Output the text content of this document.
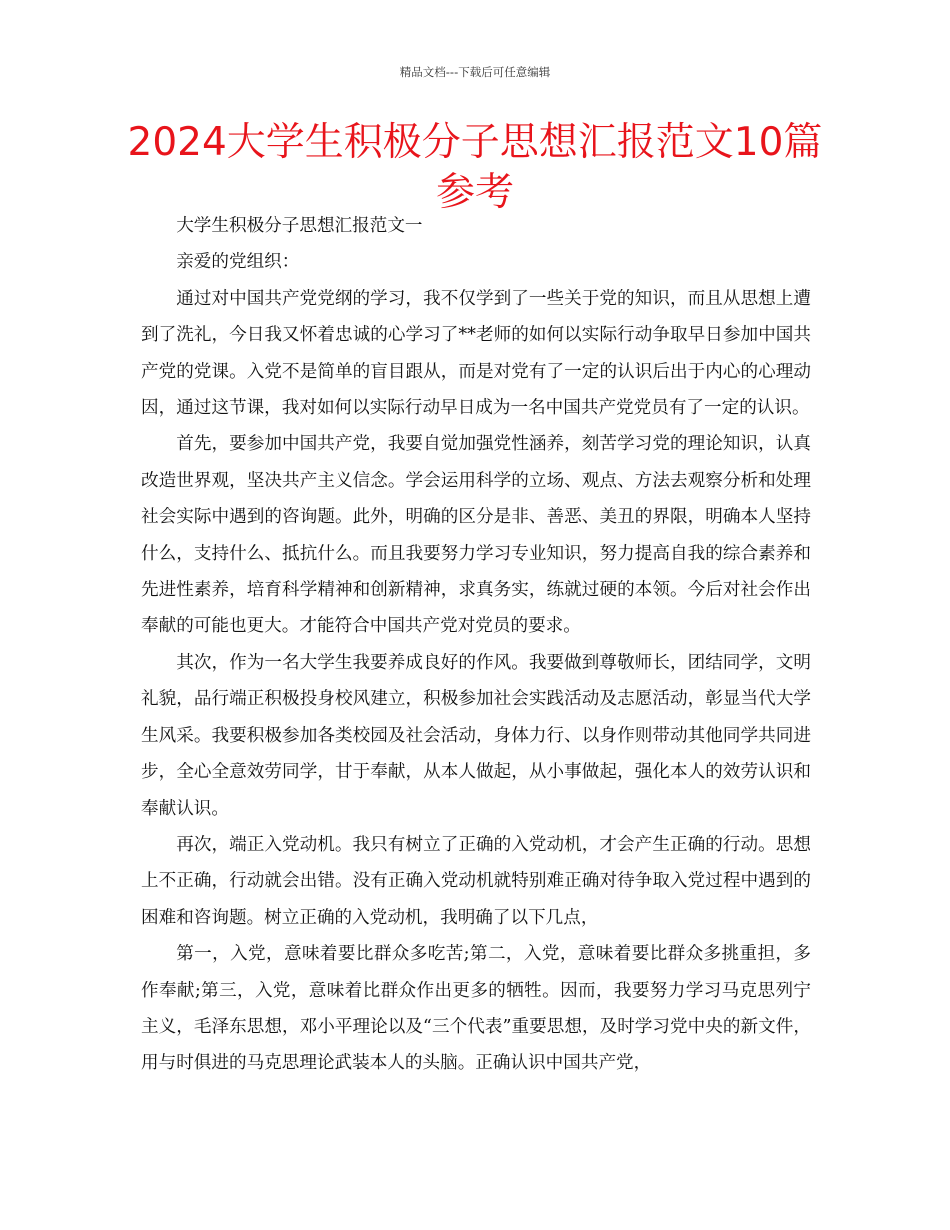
精品文档---下载后可任意编辑
2024大学生积极分子思想汇报范文10篇
参考

大学生积极分子思想汇报范文一

亲爱的党组织：

通过对中国共产党党纲的学习，我不仅学到了一些关于党的知识，而且从思想上遭到了洗礼，今日我又怀着忠诚的心学习了**老师的如何以实际行动争取早日参加中国共产党的党课。入党不是简单的盲目跟从，而是对党有了一定的认识后出于内心的心理动因，通过这节课，我对如何以实际行动早日成为一名中国共产党党员有了一定的认识。

首先，要参加中国共产党，我要自觉加强党性涵养，刻苦学习党的理论知识，认真改造世界观，坚决共产主义信念。学会运用科学的立场、观点、方法去观察分析和处理社会实际中遇到的咨询题。此外，明确的区分是非、善恶、美丑的界限，明确本人坚持什么，支持什么、抵抗什么。而且我要努力学习专业知识，努力提高自我的综合素养和先进性素养，培育科学精神和创新精神，求真务实，练就过硬的本领。今后对社会作出奉献的可能也更大。才能符合中国共产党对党员的要求。

其次，作为一名大学生我要养成良好的作风。我要做到尊敬师长，团结同学，文明礼貌，品行端正积极投身校风建立，积极参加社会实践活动及志愿活动，彰显当代大学生风采。我要积极参加各类校园及社会活动，身体力行、以身作则带动其他同学共同进步，全心全意效劳同学，甘于奉献，从本人做起，从小事做起，强化本人的效劳认识和奉献认识。

再次，端正入党动机。我只有树立了正确的入党动机，才会产生正确的行动。思想上不正确，行动就会出错。没有正确入党动机就特别难正确对待争取入党过程中遇到的困难和咨询题。树立正确的入党动机，我明确了以下几点，

第一，入党，意味着要比群众多吃苦;第二，入党，意味着要比群众多挑重担，多作奉献;第三，入党，意味着比群众作出更多的牺牲。因而，我要努力学习马克思列宁主义，毛泽东思想，邓小平理论以及“三个代表”重要思想，及时学习党中央的新文件，用与时俱进的马克思理论武装本人的头脑。正确认识中国共产党，
